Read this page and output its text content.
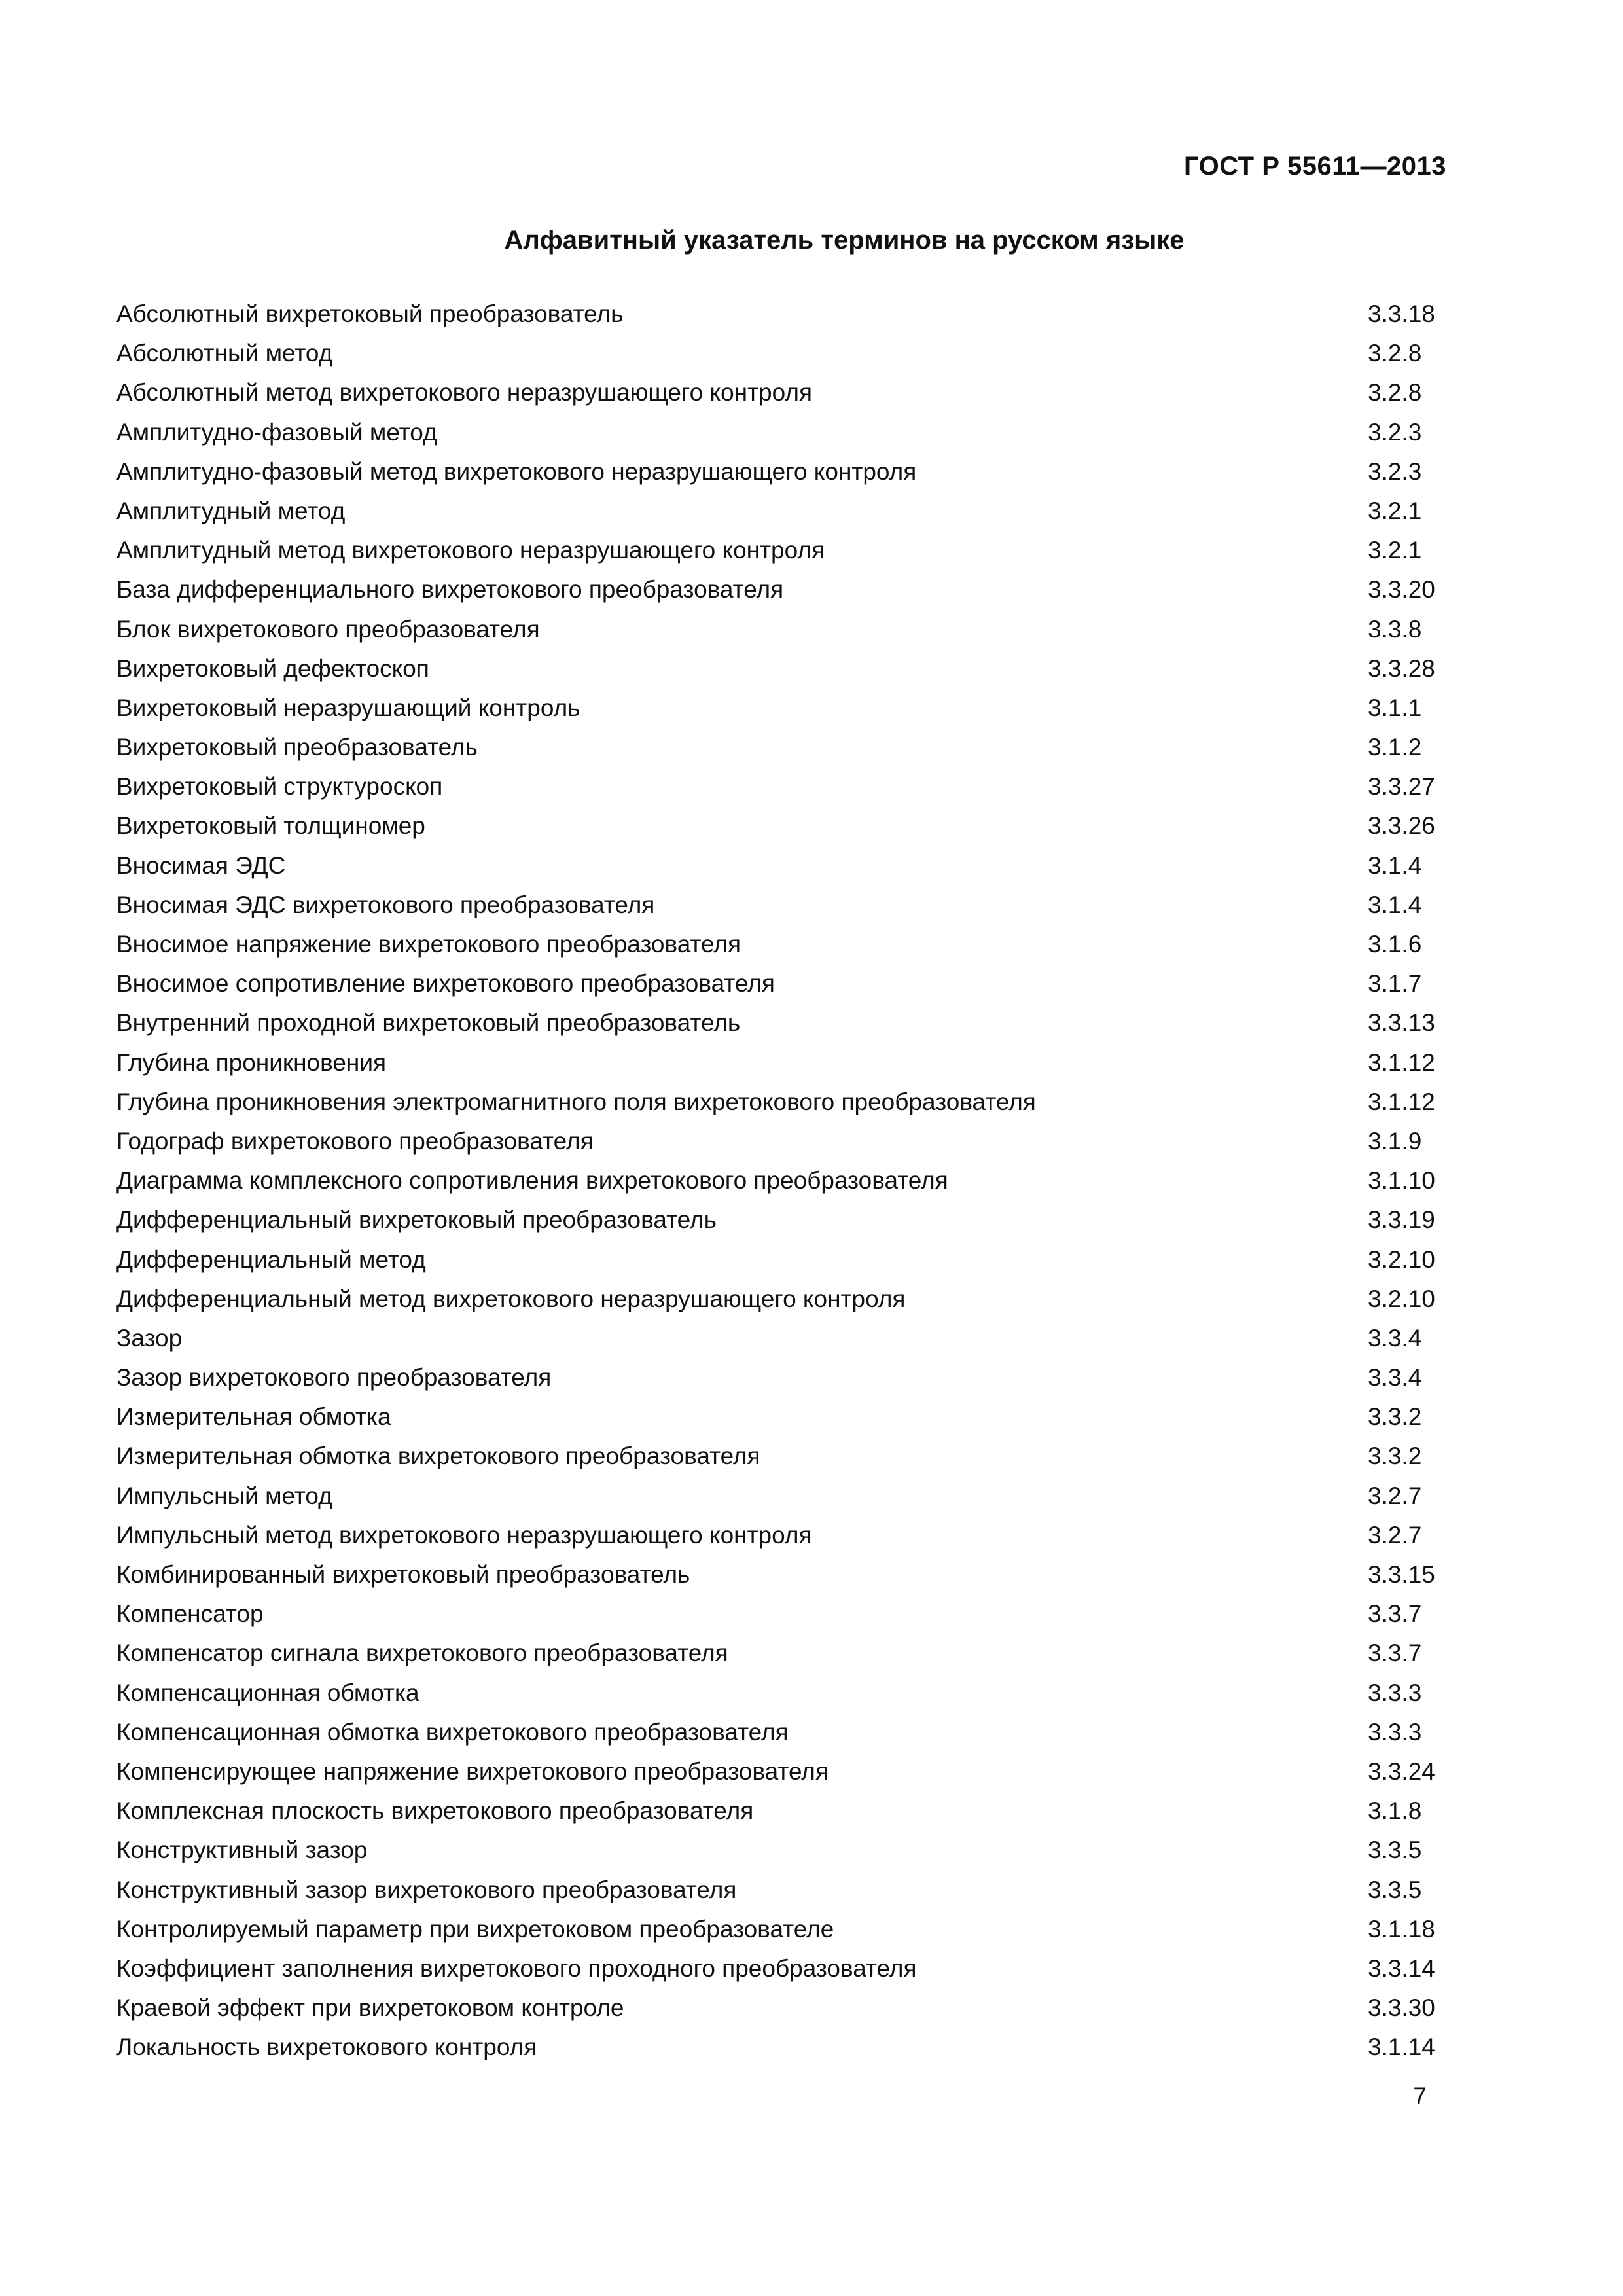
ГОСТ Р 55611—2013
Алфавитный указатель терминов на русском языке
Абсолютный вихретоковый преобразователь	3.3.18
Абсолютный метод	3.2.8
Абсолютный метод вихретокового неразрушающего контроля	3.2.8
Амплитудно-фазовый метод	3.2.3
Амплитудно-фазовый метод вихретокового неразрушающего контроля	3.2.3
Амплитудный метод	3.2.1
Амплитудный метод вихретокового неразрушающего контроля	3.2.1
База дифференциального вихретокового преобразователя	3.3.20
Блок вихретокового преобразователя	3.3.8
Вихретоковый дефектоскоп	3.3.28
Вихретоковый неразрушающий контроль	3.1.1
Вихретоковый преобразователь	3.1.2
Вихретоковый структуроскоп	3.3.27
Вихретоковый толщиномер	3.3.26
Вносимая ЭДС	3.1.4
Вносимая ЭДС вихретокового преобразователя	3.1.4
Вносимое напряжение вихретокового преобразователя	3.1.6
Вносимое сопротивление вихретокового преобразователя	3.1.7
Внутренний проходной вихретоковый преобразователь	3.3.13
Глубина проникновения	3.1.12
Глубина проникновения электромагнитного поля вихретокового преобразователя	3.1.12
Годограф вихретокового преобразователя	3.1.9
Диаграмма комплексного сопротивления вихретокового преобразователя	3.1.10
Дифференциальный вихретоковый преобразователь	3.3.19
Дифференциальный метод	3.2.10
Дифференциальный метод вихретокового неразрушающего контроля	3.2.10
Зазор	3.3.4
Зазор вихретокового преобразователя	3.3.4
Измерительная обмотка	3.3.2
Измерительная обмотка вихретокового преобразователя	3.3.2
Импульсный метод	3.2.7
Импульсный метод вихретокового неразрушающего контроля	3.2.7
Комбинированный вихретоковый преобразователь	3.3.15
Компенсатор	3.3.7
Компенсатор сигнала вихретокового преобразователя	3.3.7
Компенсационная обмотка	3.3.3
Компенсационная обмотка вихретокового преобразователя	3.3.3
Компенсирующее напряжение вихретокового преобразователя	3.3.24
Комплексная плоскость вихретокового преобразователя	3.1.8
Конструктивный зазор	3.3.5
Конструктивный зазор вихретокового преобразователя	3.3.5
Контролируемый параметр при вихретоковом преобразователе	3.1.18
Коэффициент заполнения вихретокового проходного преобразователя	3.3.14
Краевой эффект при вихретоковом контроле	3.3.30
Локальность вихретокового контроля	3.1.14
7
